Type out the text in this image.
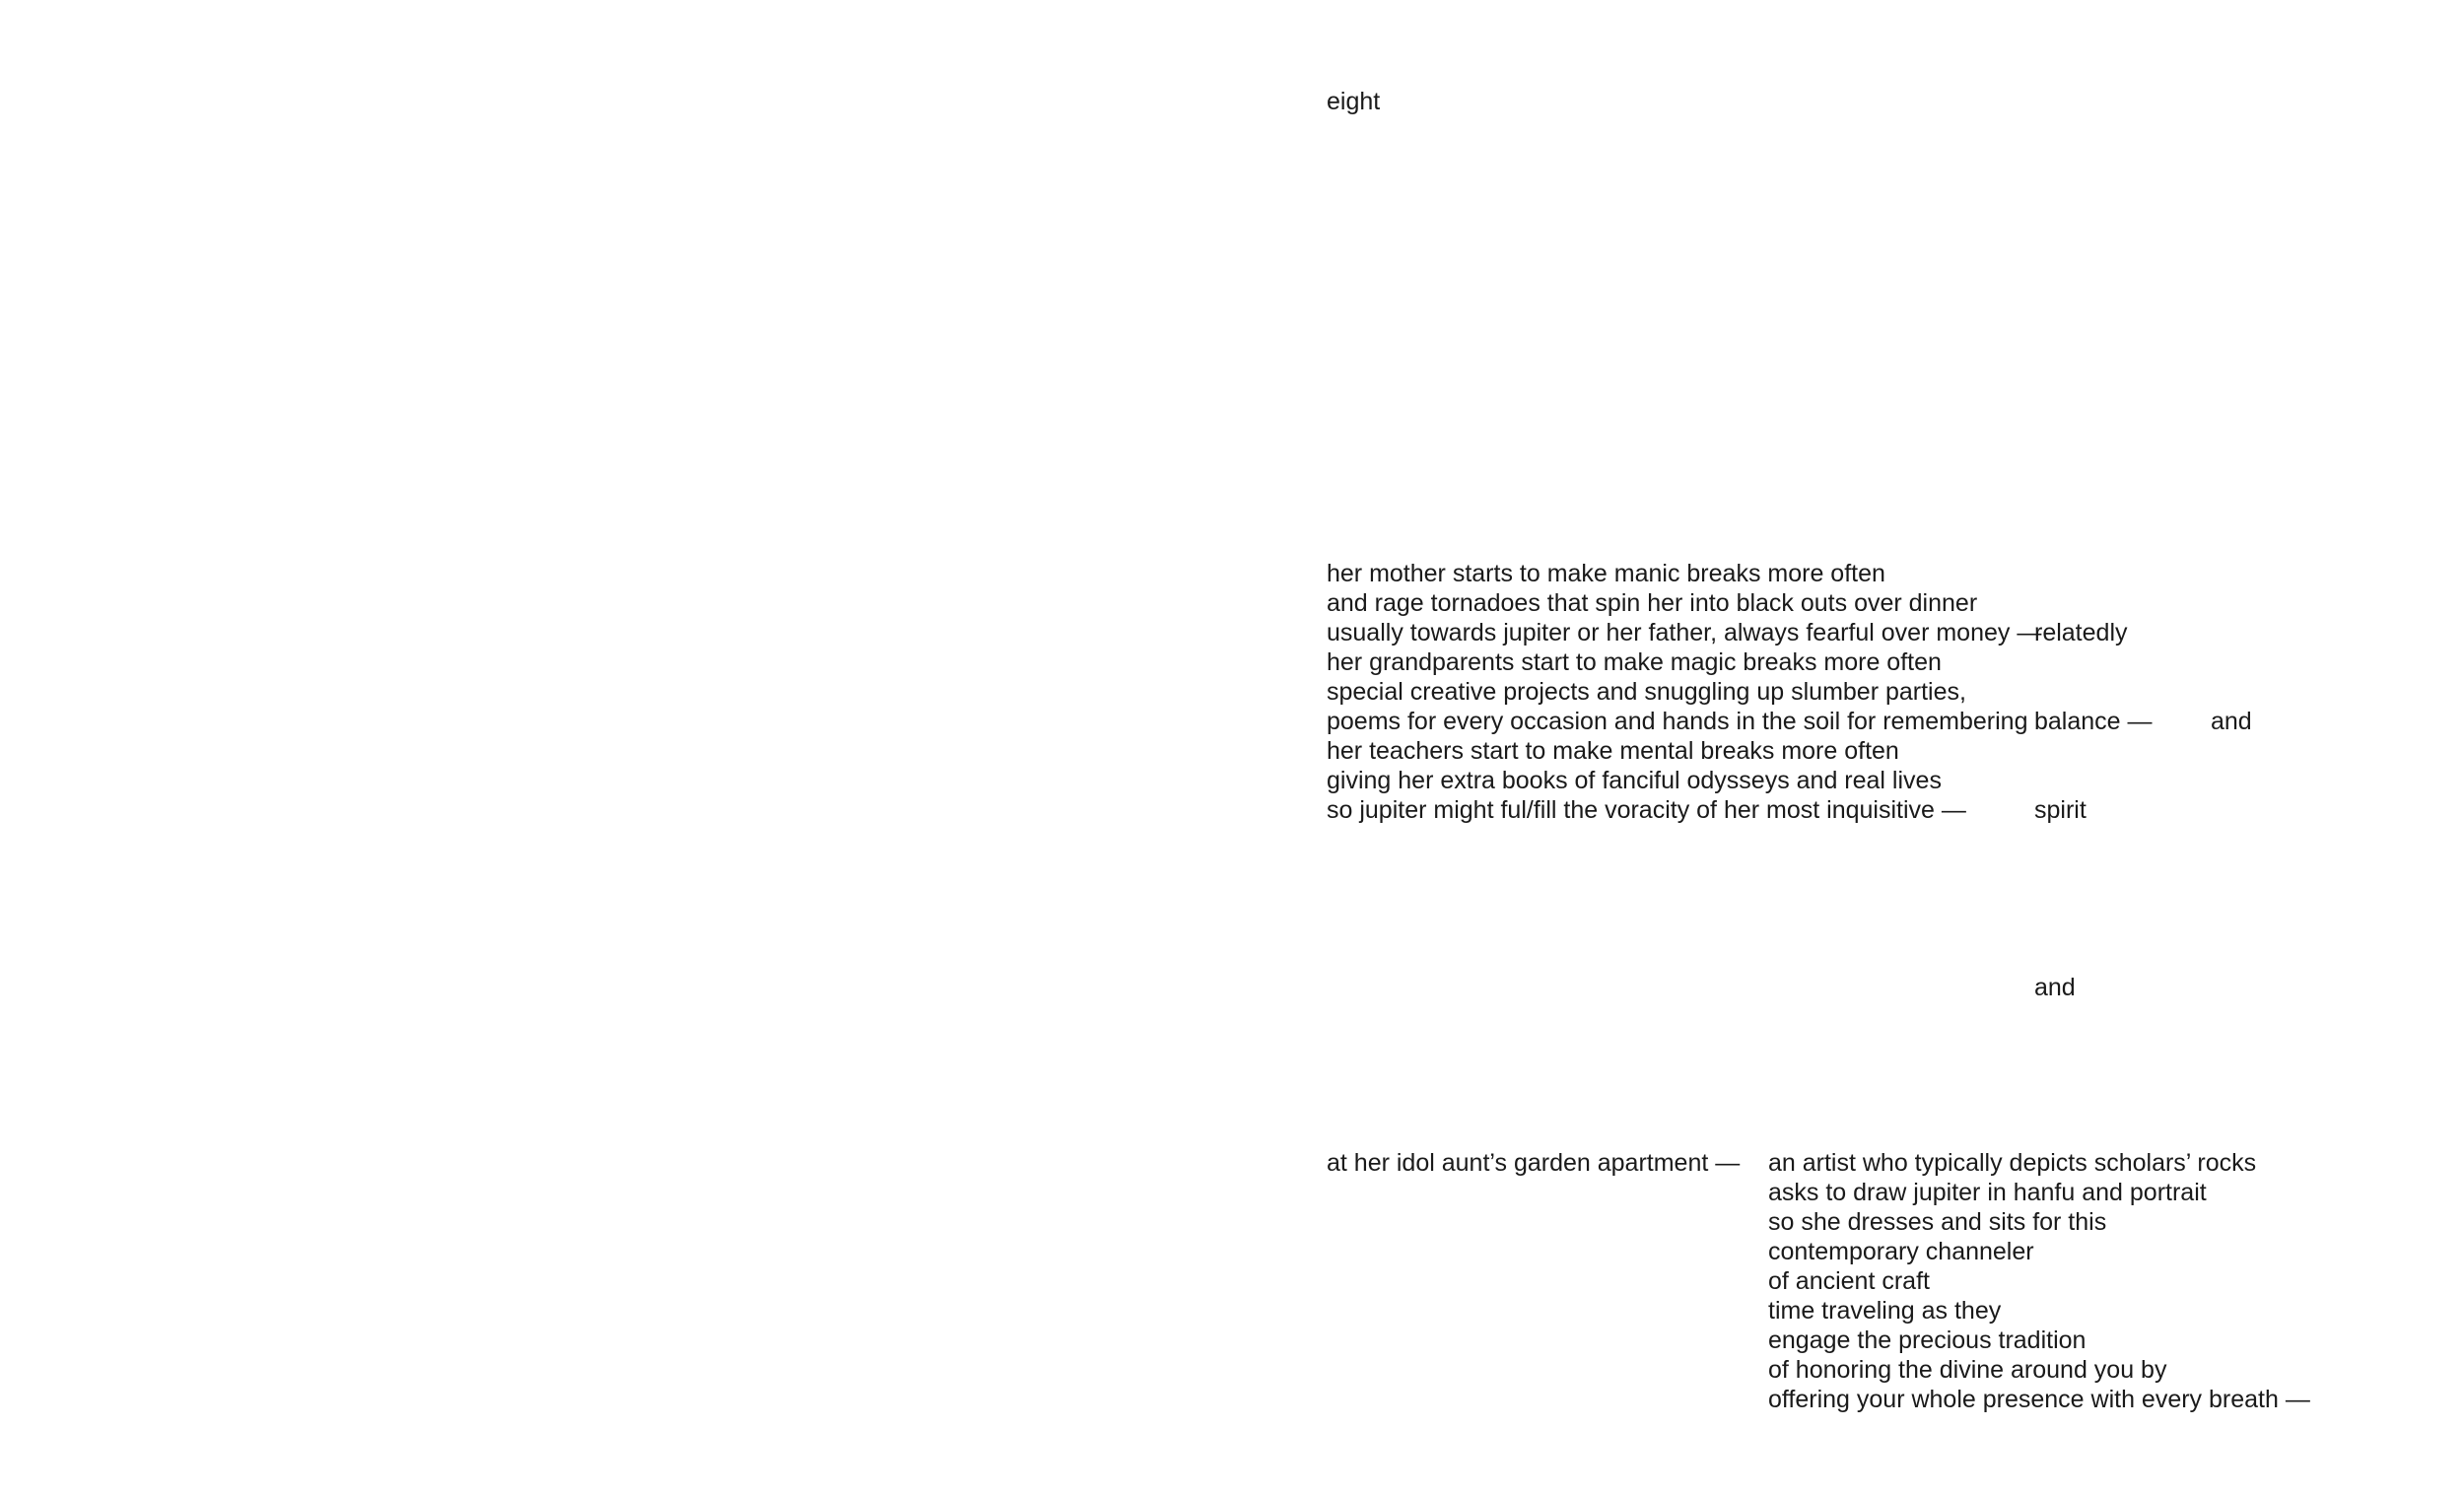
eight
her mother starts to make manic breaks more often
and rage tornadoes that spin her into black outs over dinner
usually towards jupiter or her father, always fearful over money —
her grandparents start to make magic breaks more often
special creative projects and snuggling up slumber parties,
poems for every occasion and hands in the soil for remembering
her teachers start to make mental breaks more often
giving her extra books of fanciful odysseys and real lives
so jupiter might ful/fill the voracity of her most inquisitive —

relatedly

balance — and

spirit

and

at her idol aunt’s garden apartment — an artist who typically depicts scholars’ rocks
asks to draw jupiter in hanfu and portrait
so she dresses and sits for this
contemporary channeler
of ancient craft
time traveling as they
engage the precious tradition
of honoring the divine around you by
offering your whole presence with every breath —
